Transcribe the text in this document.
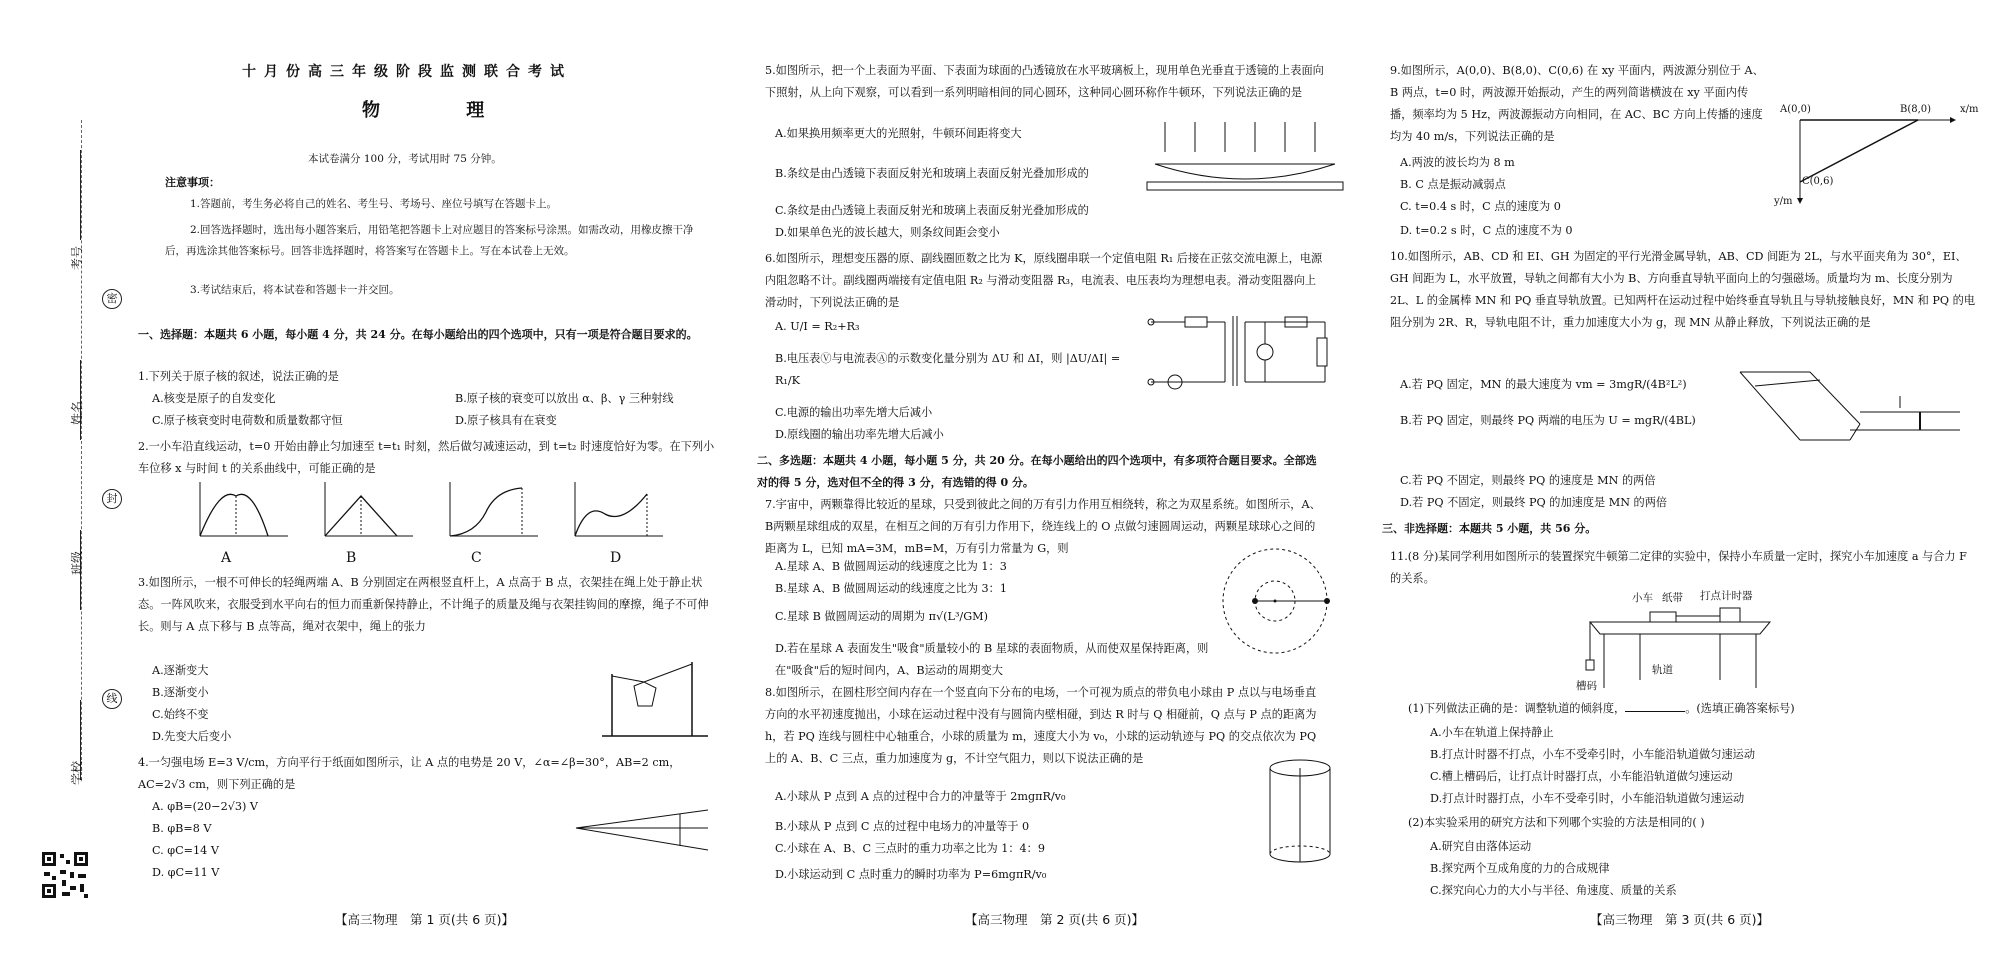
考号
姓名
班级
学校
密
封
线
十月份高三年级阶段监测联合考试
物 理
本试卷满分 100 分，考试用时 75 分钟。
注意事项：
1.答题前，考生务必将自己的姓名、考生号、考场号、座位号填写在答题卡上。
2.回答选择题时，选出每小题答案后，用铅笔把答题卡上对应题目的答案标号涂黑。如需改动，用橡皮擦干净后，再选涂其他答案标号。回答非选择题时，将答案写在答题卡上。写在本试卷上无效。
3.考试结束后，将本试卷和答题卡一并交回。
一、选择题：本题共 6 小题，每小题 4 分，共 24 分。在每小题给出的四个选项中，只有一项是符合题目要求的。
1.下列关于原子核的叙述，说法正确的是
A.核变是原子的自发变化	B.原子核的衰变可以放出 α、β、γ 三种射线
C.原子核衰变时电荷数和质量数都守恒	D.原子核具有在衰变
2.一小车沿直线运动，t=0 开始由静止匀加速至 t=t₁ 时刻，然后做匀减速运动，到 t=t₂ 时速度恰好为零。在下列小车位移 x 与时间 t 的关系曲线中，可能正确的是
A	B	C	D
3.如图所示，一根不可伸长的轻绳两端 A、B 分别固定在两根竖直杆上，A 点高于 B 点，衣架挂在绳上处于静止状态。一阵风吹来，衣服受到水平向右的恒力而重新保持静止，不计绳子的质量及绳与衣架挂钩间的摩擦，绳子不可伸长。则与 A 点下移与 B 点等高，绳对衣架中，绳上的张力
A.逐渐变大
B.逐渐变小
C.始终不变
D.先变大后变小
4.一匀强电场 E=3 V/cm，方向平行于纸面如图所示，让 A 点的电势是 20 V，∠α=∠β=30°，AB=2 cm，AC=2√3 cm，则下列正确的是
A. φB=(20−2√3) V
B. φB=8 V
C. φC=14 V
D. φC=11 V
【高三物理　第 1 页(共 6 页)】
5.如图所示，把一个上表面为平面、下表面为球面的凸透镜放在水平玻璃板上，现用单色光垂直于透镜的上表面向下照射，从上向下观察，可以看到一系列明暗相间的同心圆环，这种同心圆环称作牛顿环，下列说法正确的是
A.如果换用频率更大的光照射，牛顿环间距将变大
B.条纹是由凸透镜下表面反射光和玻璃上表面反射光叠加形成的
C.条纹是由凸透镜上表面反射光和玻璃上表面反射光叠加形成的
D.如果单色光的波长越大，则条纹间距会变小
6.如图所示，理想变压器的原、副线圈匝数之比为 K，原线圈串联一个定值电阻 R₁ 后接在正弦交流电源上，电源内阻忽略不计。副线圈两端接有定值电阻 R₂ 与滑动变阻器 R₃，电流表、电压表均为理想电表。滑动变阻器向上滑动时，下列说法正确的是
A. U/I = R₂+R₃
B.电压表Ⓥ与电流表Ⓐ的示数变化量分别为 ΔU 和 ΔI，则 |ΔU/ΔI| = R₁/K
C.电源的输出功率先增大后减小
D.原线圈的输出功率先增大后减小
二、多选题：本题共 4 小题，每小题 5 分，共 20 分。在每小题给出的四个选项中，有多项符合题目要求。全部选对的得 5 分，选对但不全的得 3 分，有选错的得 0 分。
7.宇宙中，两颗靠得比较近的星球，只受到彼此之间的万有引力作用互相绕转，称之为双星系统。如图所示，A、B两颗星球组成的双星，在相互之间的万有引力作用下，绕连线上的 O 点做匀速圆周运动，两颗星球球心之间的距离为 L，已知 mA=3M，mB=M，万有引力常量为 G，则
A.星球 A、B 做圆周运动的线速度之比为 1：3
B.星球 A、B 做圆周运动的线速度之比为 3：1
C.星球 B 做圆周运动的周期为 π√(L³/GM)
D.若在星球 A 表面发生"吸食"质量较小的 B 星球的表面物质，从而使双星保持距离，则在"吸食"后的短时间内，A、B运动的周期变大
8.如图所示，在圆柱形空间内存在一个竖直向下分布的电场，一个可视为质点的带负电小球由 P 点以与电场垂直方向的水平初速度抛出，小球在运动过程中没有与圆筒内壁相碰，到达 R 时与 Q 相碰前，Q 点与 P 点的距离为 h，若 PQ 连线与圆柱中心轴重合，小球的质量为 m，速度大小为 v₀，小球的运动轨迹与 PQ 的交点依次为 PQ 上的 A、B、C 三点，重力加速度为 g，不计空气阻力，则以下说法正确的是
A.小球从 P 点到 A 点的过程中合力的冲量等于 2mgπR/v₀
B.小球从 P 点到 C 点的过程中电场力的冲量等于 0
C.小球在 A、B、C 三点时的重力功率之比为 1：4：9
D.小球运动到 C 点时重力的瞬时功率为 P=6mgπR/v₀
【高三物理　第 2 页(共 6 页)】
9.如图所示，A(0,0)、B(8,0)、C(0,6) 在 xy 平面内，两波源分别位于 A、B 两点，t=0 时，两波源开始振动，产生的两列简谐横波在 xy 平面内传播，频率均为 5 Hz，两波源振动方向相同，在 AC、BC 方向上传播的速度均为 40 m/s，下列说法正确的是
A.两波的波长均为 8 m
B. C 点是振动减弱点
C. t=0.4 s 时，C 点的速度为 0
D. t=0.2 s 时，C 点的速度不为 0
A(0,0)	B(8,0)
C(0,6)
x/m
y/m
10.如图所示，AB、CD 和 EI、GH 为固定的平行光滑金属导轨，AB、CD 间距为 2L，与水平面夹角为 30°，EI、GH 间距为 L，水平放置，导轨之间都有大小为 B、方向垂直导轨平面向上的匀强磁场。质量均为 m、长度分别为 2L、L 的金属棒 MN 和 PQ 垂直导轨放置。已知两杆在运动过程中始终垂直导轨且与导轨接触良好，MN 和 PQ 的电阻分别为 2R、R，导轨电阻不计，重力加速度大小为 g，现 MN 从静止释放，下列说法正确的是
A.若 PQ 固定，MN 的最大速度为 vm = 3mgR/(4B²L²)
B.若 PQ 固定，则最终 PQ 两端的电压为 U = mgR/(4BL)
C.若 PQ 不固定，则最终 PQ 的速度是 MN 的两倍
D.若 PQ 不固定，则最终 PQ 的加速度是 MN 的两倍
三、非选择题：本题共 5 小题，共 56 分。
11.(8 分)某同学利用如图所示的装置探究牛顿第二定律的实验中，保持小车质量一定时，探究小车加速度 a 与合力 F 的关系。
小车 纸带 打点计时器
轨道
槽码
(1)下列做法正确的是：调整轨道的倾斜度，	。(选填正确答案标号)
A.小车在轨道上保持静止
B.打点计时器不打点，小车不受牵引时，小车能沿轨道做匀速运动
C.槽上槽码后，让打点计时器打点，小车能沿轨道做匀速运动
D.打点计时器打点，小车不受牵引时，小车能沿轨道做匀速运动
(2)本实验采用的研究方法和下列哪个实验的方法是相同的( )
A.研究自由落体运动
B.探究两个互成角度的力的合成规律
C.探究向心力的大小与半径、角速度、质量的关系
【高三物理　第 3 页(共 6 页)】
